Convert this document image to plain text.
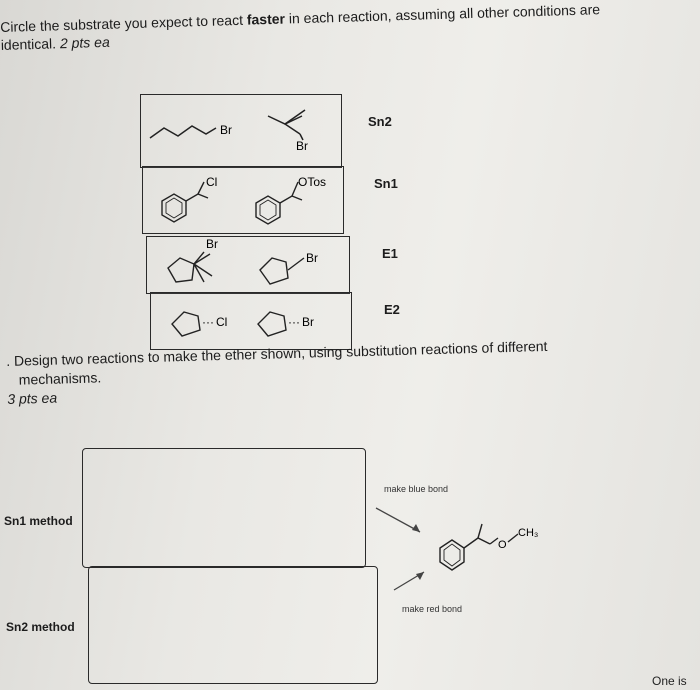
Circle the substrate you expect to react faster in each reaction, assuming all other conditions are
identical. 2 pts ea
Br
Br
Sn2
Cl	OTos	Sn1
Br
Br	E1
··· Cl	··· Br
E2
. Design two reactions to make the ether shown, using substitution reactions of different
mechanisms.
3 pts ea
Sn1 method
Sn2 method
make blue bond
make red bond
O
CH₃
One is
